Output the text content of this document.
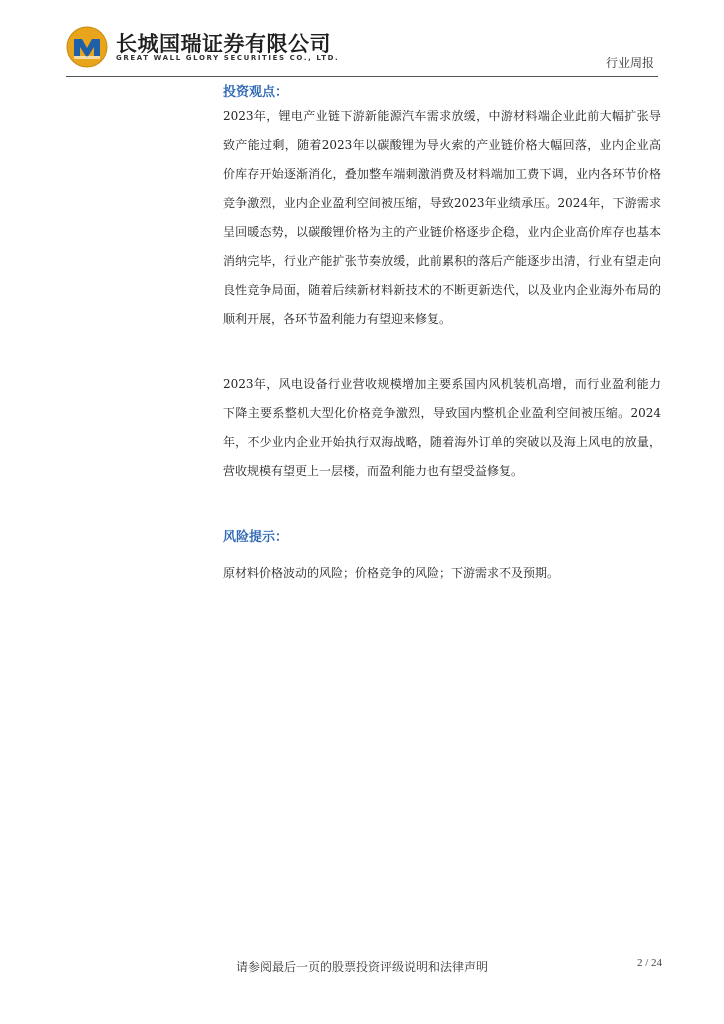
长城国瑞证券有限公司
GREAT WALL GLORY SECURITIES CO., LTD.	行业周报
投资观点：

2023年，锂电产业链下游新能源汽车需求放缓，中游材料端企业此前大幅扩张导致产能过剩，随着2023年以碳酸锂为导火索的产业链价格大幅回落，业内企业高价库存开始逐渐消化，叠加整车端刺激消费及材料端加工费下调，业内各环节价格竞争激烈，业内企业盈利空间被压缩，导致2023年业绩承压。2024年，下游需求呈回暖态势，以碳酸锂价格为主的产业链价格逐步企稳，业内企业高价库存也基本消纳完毕，行业产能扩张节奏放缓，此前累积的落后产能逐步出清，行业有望走向良性竞争局面，随着后续新材料新技术的不断更新迭代，以及业内企业海外布局的顺利开展，各环节盈利能力有望迎来修复。

2023年，风电设备行业营收规模增加主要系国内风机装机高增，而行业盈利能力下降主要系整机大型化价格竞争激烈，导致国内整机企业盈利空间被压缩。2024年，不少业内企业开始执行双海战略，随着海外订单的突破以及海上风电的放量，营收规模有望更上一层楼，而盈利能力也有望受益修复。

风险提示：

原材料价格波动的风险；价格竞争的风险；下游需求不及预期。

请参阅最后一页的股票投资评级说明和法律声明	2 / 24
